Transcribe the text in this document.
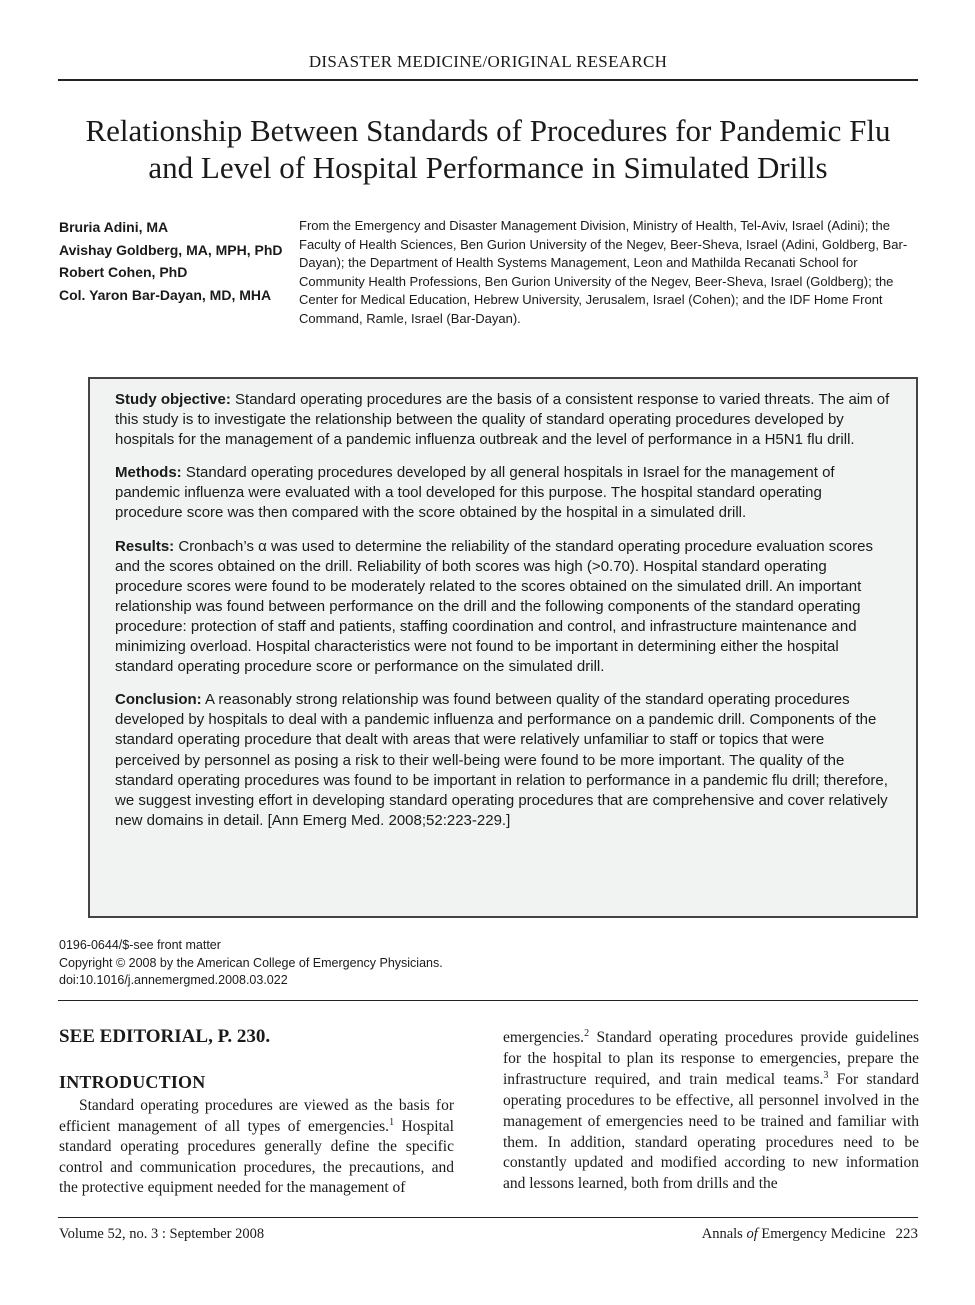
DISASTER MEDICINE/ORIGINAL RESEARCH
Relationship Between Standards of Procedures for Pandemic Flu
and Level of Hospital Performance in Simulated Drills
Bruria Adini, MA
Avishay Goldberg, MA, MPH, PhD
Robert Cohen, PhD
Col. Yaron Bar-Dayan, MD, MHA
From the Emergency and Disaster Management Division, Ministry of Health, Tel-Aviv, Israel (Adini); the Faculty of Health Sciences, Ben Gurion University of the Negev, Beer-Sheva, Israel (Adini, Goldberg, Bar-Dayan); the Department of Health Systems Management, Leon and Mathilda Recanati School for Community Health Professions, Ben Gurion University of the Negev, Beer-Sheva, Israel (Goldberg); the Center for Medical Education, Hebrew University, Jerusalem, Israel (Cohen); and the IDF Home Front Command, Ramle, Israel (Bar-Dayan).

Study objective: Standard operating procedures are the basis of a consistent response to varied threats. The aim of this study is to investigate the relationship between the quality of standard operating procedures developed by hospitals for the management of a pandemic influenza outbreak and the level of performance in a H5N1 flu drill.

Methods: Standard operating procedures developed by all general hospitals in Israel for the management of pandemic influenza were evaluated with a tool developed for this purpose. The hospital standard operating procedure score was then compared with the score obtained by the hospital in a simulated drill.

Results: Cronbach’s α was used to determine the reliability of the standard operating procedure evaluation scores and the scores obtained on the drill. Reliability of both scores was high (>0.70). Hospital standard operating procedure scores were found to be moderately related to the scores obtained on the simulated drill. An important relationship was found between performance on the drill and the following components of the standard operating procedure: protection of staff and patients, staffing coordination and control, and infrastructure maintenance and minimizing overload. Hospital characteristics were not found to be important in determining either the hospital standard operating procedure score or performance on the simulated drill.

Conclusion: A reasonably strong relationship was found between quality of the standard operating procedures developed by hospitals to deal with a pandemic influenza and performance on a pandemic drill. Components of the standard operating procedure that dealt with areas that were relatively unfamiliar to staff or topics that were perceived by personnel as posing a risk to their well-being were found to be more important. The quality of the standard operating procedures was found to be important in relation to performance in a pandemic flu drill; therefore, we suggest investing effort in developing standard operating procedures that are comprehensive and cover relatively new domains in detail. [Ann Emerg Med. 2008;52:223-229.]

0196-0644/$-see front matter
Copyright © 2008 by the American College of Emergency Physicians.
doi:10.1016/j.annemergmed.2008.03.022
SEE EDITORIAL, P. 230.
INTRODUCTION

Standard operating procedures are viewed as the basis for efficient management of all types of emergencies.$^1$ Hospital standard operating procedures generally define the specific control and communication procedures, the precautions, and the protective equipment needed for the management of

emergencies.$^2$ Standard operating procedures provide guidelines for the hospital to plan its response to emergencies, prepare the infrastructure required, and train medical teams.$^3$ For standard operating procedures to be effective, all personnel involved in the management of emergencies need to be trained and familiar with them. In addition, standard operating procedures need to be constantly updated and modified according to new information and lessons learned, both from drills and the

Volume 52, no. 3 : September 2008	Annals of Emergency Medicine 223
